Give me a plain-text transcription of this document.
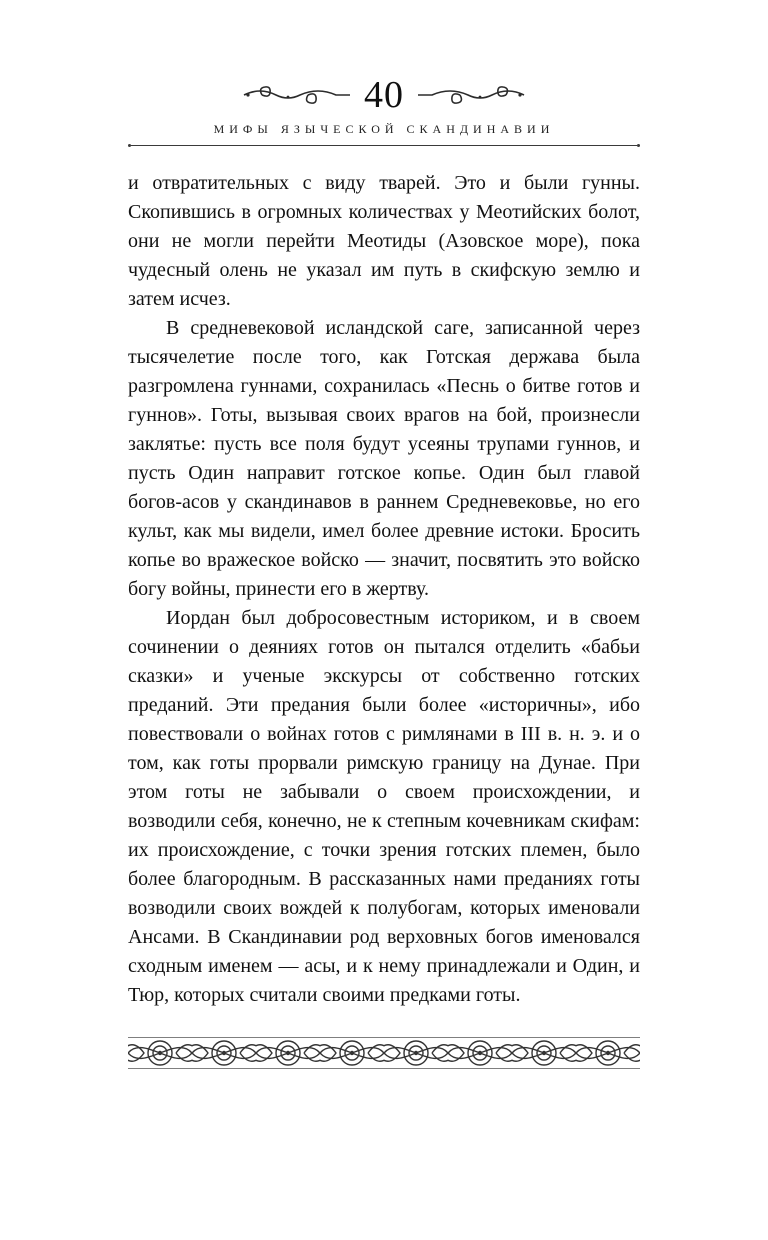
40
МИФЫ ЯЗЫЧЕСКОЙ СКАНДИНАВИИ

и отвратительных с виду тварей. Это и были гунны. Скопившись в огромных количествах у Меотийских болот, они не могли перейти Меотиды (Азовское море), пока чудесный олень не указал им путь в скифскую землю и затем исчез.

В средневековой исландской саге, записанной через тысячелетие после того, как Готская держава была разгромлена гуннами, сохранилась «Песнь о битве готов и гуннов». Готы, вызывая своих врагов на бой, произнесли заклятье: пусть все поля будут усеяны трупами гуннов, и пусть Один направит готское копье. Один был главой богов-асов у скандинавов в раннем Средневековье, но его культ, как мы видели, имел более древние истоки. Бросить копье во вражеское войско — значит, посвятить это войско богу войны, принести его в жертву.

Иордан был добросовестным историком, и в своем сочинении о деяниях готов он пытался отделить «бабьи сказки» и ученые экскурсы от собственно готских преданий. Эти предания были более «историчны», ибо повествовали о войнах готов с римлянами в III в. н. э. и о том, как готы прорвали римскую границу на Дунае. При этом готы не забывали о своем происхождении, и возводили себя, конечно, не к степным кочевникам скифам: их происхождение, с точки зрения готских племен, было более благородным. В рассказанных нами преданиях готы возводили своих вождей к полубогам, которых именовали Ансами. В Скандинавии род верховных богов именовался сходным именем — асы, и к нему принадлежали и Один, и Тюр, которых считали своими предками готы.
